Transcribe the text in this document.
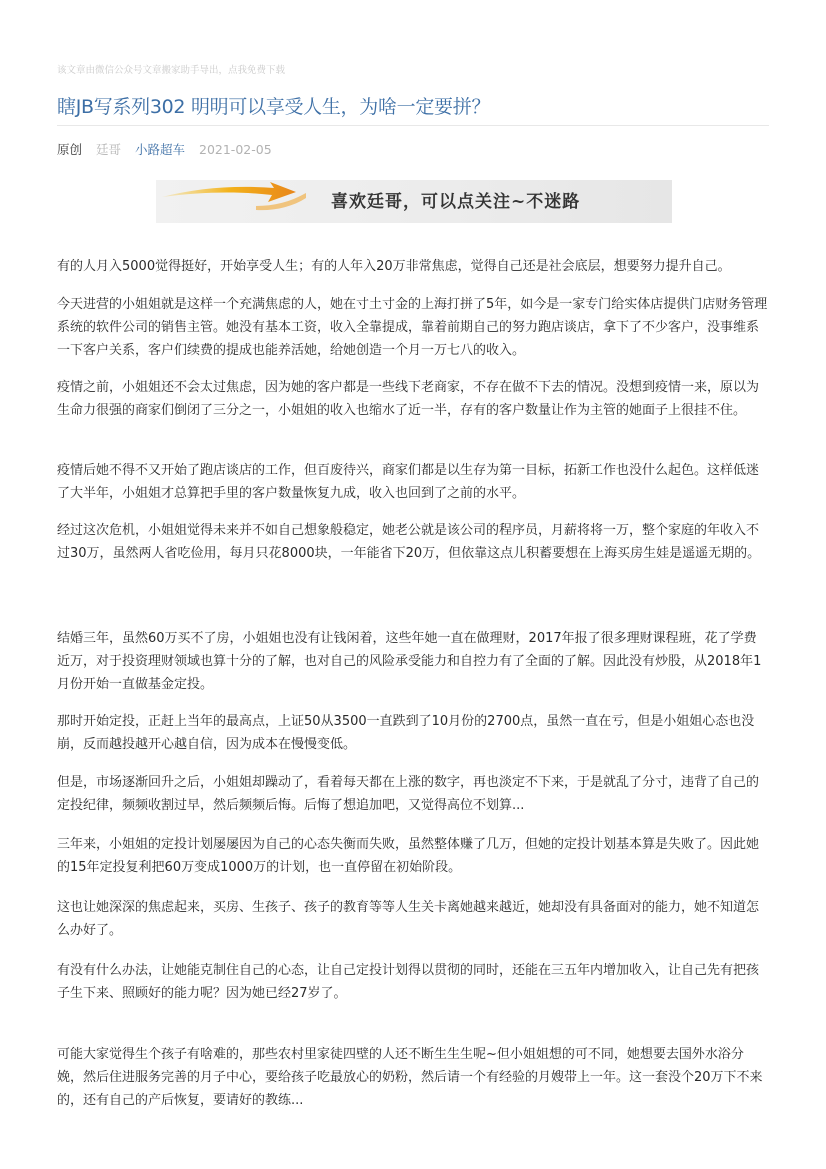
该文章由微信公众号文章搬家助手导出，点我免费下载
瞎JB写系列302 明明可以享受人生，为啥一定要拼？
原创 廷哥 小路超车 2021-02-05
喜欢廷哥，可以点关注~不迷路

有的人月入5000觉得挺好，开始享受人生；有的人年入20万非常焦虑，觉得自己还是社会底层，想要努力提升自己。

今天进营的小姐姐就是这样一个充满焦虑的人，她在寸土寸金的上海打拼了5年，如今是一家专门给实体店提供门店财务管理系统的软件公司的销售主管。她没有基本工资，收入全靠提成，靠着前期自己的努力跑店谈店，拿下了不少客户，没事维系一下客户关系，客户们续费的提成也能养活她，给她创造一个月一万七八的收入。

疫情之前，小姐姐还不会太过焦虑，因为她的客户都是一些线下老商家，不存在做不下去的情况。没想到疫情一来，原以为生命力很强的商家们倒闭了三分之一，小姐姐的收入也缩水了近一半，存有的客户数量让作为主管的她面子上很挂不住。

疫情后她不得不又开始了跑店谈店的工作，但百废待兴，商家们都是以生存为第一目标，拓新工作也没什么起色。这样低迷了大半年，小姐姐才总算把手里的客户数量恢复九成，收入也回到了之前的水平。

经过这次危机，小姐姐觉得未来并不如自己想象般稳定，她老公就是该公司的程序员，月薪将将一万，整个家庭的年收入不过30万，虽然两人省吃俭用，每月只花8000块，一年能省下20万，但依靠这点儿积蓄要想在上海买房生娃是遥遥无期的。

结婚三年，虽然60万买不了房，小姐姐也没有让钱闲着，这些年她一直在做理财，2017年报了很多理财课程班，花了学费近万，对于投资理财领域也算十分的了解，也对自己的风险承受能力和自控力有了全面的了解。因此没有炒股，从2018年1月份开始一直做基金定投。

那时开始定投，正赶上当年的最高点，上证50从3500一直跌到了10月份的2700点，虽然一直在亏，但是小姐姐心态也没崩，反而越投越开心越自信，因为成本在慢慢变低。

但是，市场逐渐回升之后，小姐姐却躁动了，看着每天都在上涨的数字，再也淡定不下来，于是就乱了分寸，违背了自己的定投纪律，频频收割过早，然后频频后悔。后悔了想追加吧，又觉得高位不划算...

三年来，小姐姐的定投计划屡屡因为自己的心态失衡而失败，虽然整体赚了几万，但她的定投计划基本算是失败了。因此她的15年定投复利把60万变成1000万的计划，也一直停留在初始阶段。

这也让她深深的焦虑起来，买房、生孩子、孩子的教育等等人生关卡离她越来越近，她却没有具备面对的能力，她不知道怎么办好了。

有没有什么办法，让她能克制住自己的心态，让自己定投计划得以贯彻的同时，还能在三五年内增加收入，让自己先有把孩子生下来、照顾好的能力呢？因为她已经27岁了。

可能大家觉得生个孩子有啥难的，那些农村里家徒四壁的人还不断生生生呢~但小姐姐想的可不同，她想要去国外水浴分娩，然后住进服务完善的月子中心，要给孩子吃最放心的奶粉，然后请一个有经验的月嫂带上一年。这一套没个20万下不来的，还有自己的产后恢复，要请好的教练...
